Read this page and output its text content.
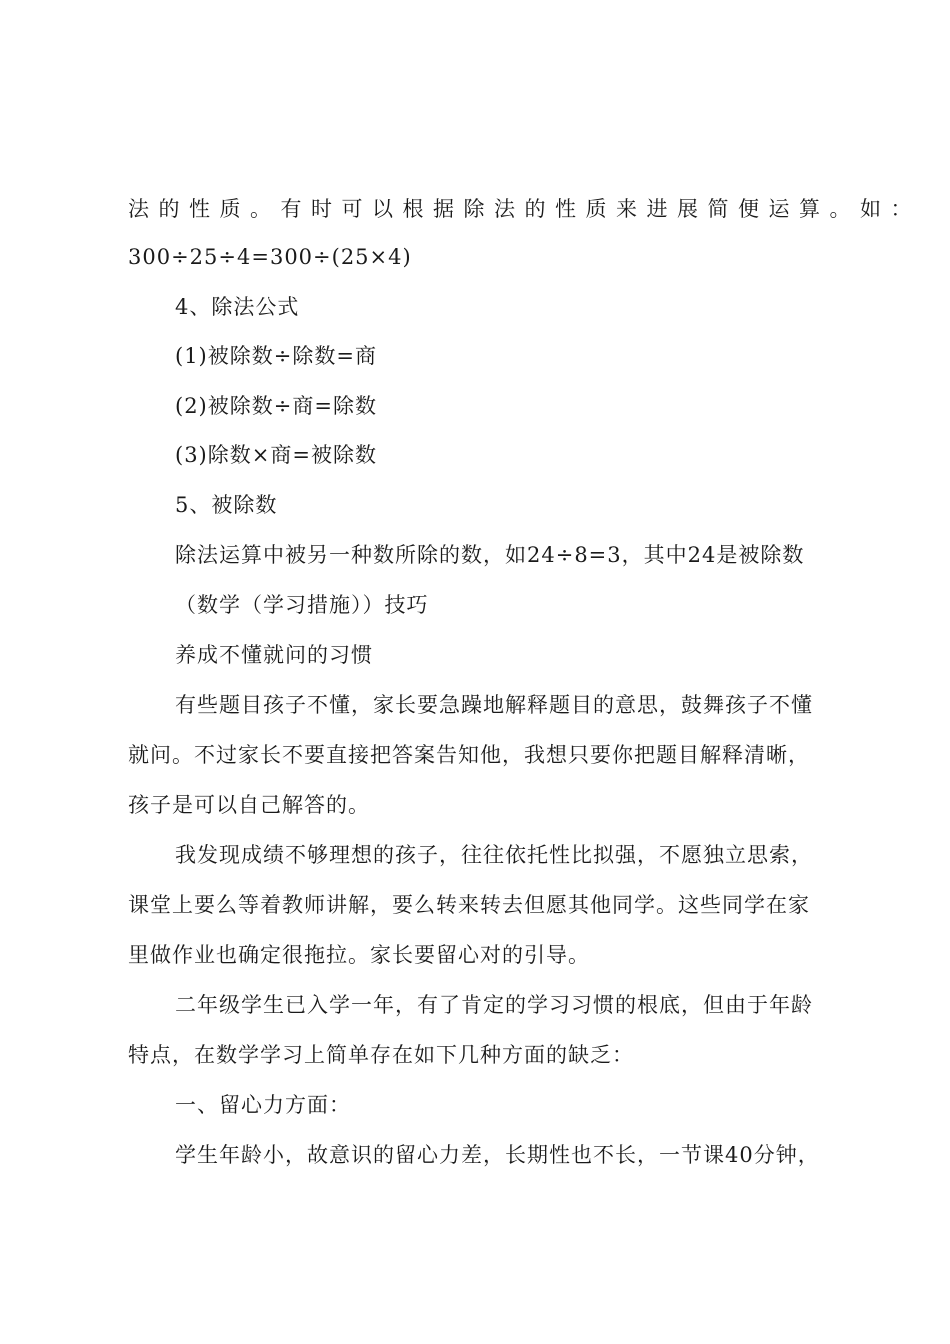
法的性质。有时可以根据除法的性质来进展简便运算。如：
300÷25÷4=300÷(25×4)
4、除法公式
(1)被除数÷除数=商
(2)被除数÷商=除数
(3)除数×商=被除数
5、被除数
除法运算中被另一种数所除的数，如24÷8=3，其中24是被除数
（数学（学习措施））技巧
养成不懂就问的习惯
有些题目孩子不懂，家长要急躁地解释题目的意思，鼓舞孩子不懂
就问。不过家长不要直接把答案告知他，我想只要你把题目解释清晰，
孩子是可以自己解答的。
我发现成绩不够理想的孩子，往往依托性比拟强，不愿独立思索，
课堂上要么等着教师讲解，要么转来转去但愿其他同学。这些同学在家
里做作业也确定很拖拉。家长要留心对的引导。
二年级学生已入学一年，有了肯定的学习习惯的根底，但由于年龄
特点，在数学学习上简单存在如下几种方面的缺乏：
一、留心力方面：
学生年龄小，故意识的留心力差，长期性也不长，一节课40分钟，
